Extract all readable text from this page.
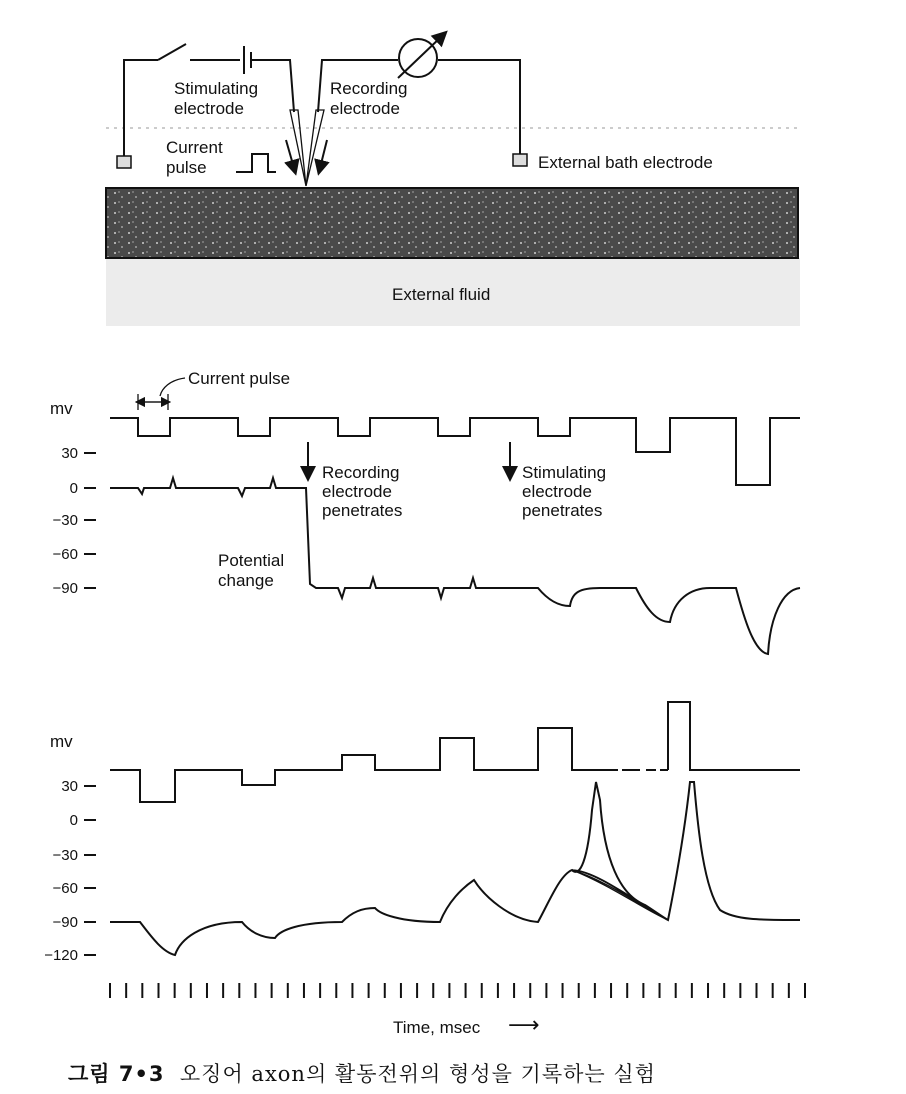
Stimulating electrode
Recording electrode
Current pulse	External bath electrode
External fluid
mv
30
0
−30
−60
−90
Current pulse
Recording electrode penetrates
Stimulating electrode penetrates
Potential change
mv
30
0
−30
−60
−90
−120
Time, msec ⟶
그림 7•3 오징어 axon의 활동전위의 형성을 기록하는 실험
